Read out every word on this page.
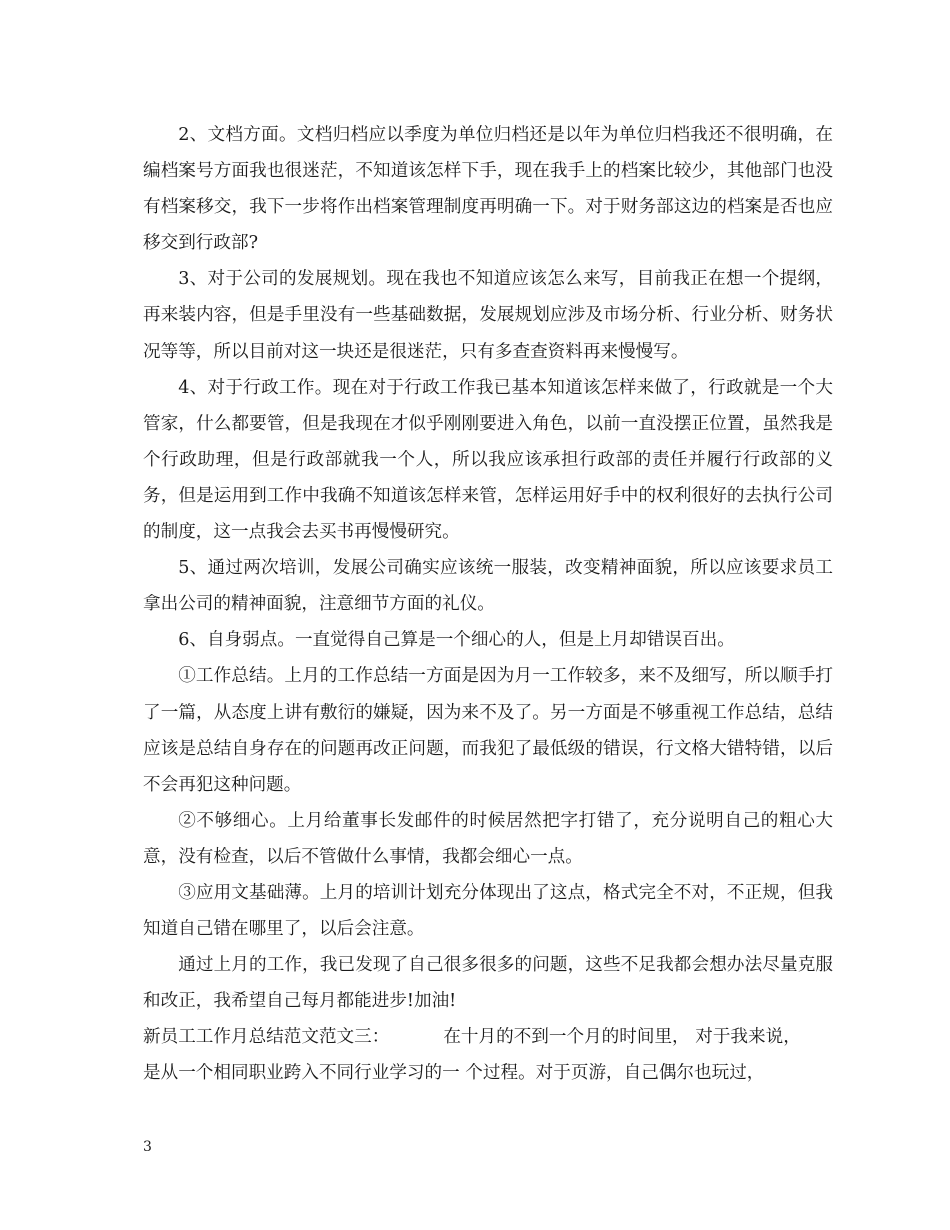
2、文档方面。文档归档应以季度为单位归档还是以年为单位归档我还不很明确，在编档案号方面我也很迷茫，不知道该怎样下手，现在我手上的档案比较少，其他部门也没有档案移交，我下一步将作出档案管理制度再明确一下。对于财务部这边的档案是否也应移交到行政部?

3、对于公司的发展规划。现在我也不知道应该怎么来写，目前我正在想一个提纲，再来装内容，但是手里没有一些基础数据，发展规划应涉及市场分析、行业分析、财务状况等等，所以目前对这一块还是很迷茫，只有多查查资料再来慢慢写。

4、对于行政工作。现在对于行政工作我已基本知道该怎样来做了，行政就是一个大管家，什么都要管，但是我现在才似乎刚刚要进入角色，以前一直没摆正位置，虽然我是个行政助理，但是行政部就我一个人，所以我应该承担行政部的责任并履行行政部的义务，但是运用到工作中我确不知道该怎样来管，怎样运用好手中的权利很好的去执行公司的制度，这一点我会去买书再慢慢研究。

5、通过两次培训，发展公司确实应该统一服装，改变精神面貌，所以应该要求员工拿出公司的精神面貌，注意细节方面的礼仪。

6、自身弱点。一直觉得自己算是一个细心的人，但是上月却错误百出。

①工作总结。上月的工作总结一方面是因为月一工作较多，来不及细写，所以顺手打了一篇，从态度上讲有敷衍的嫌疑，因为来不及了。另一方面是不够重视工作总结，总结应该是总结自身存在的问题再改正问题，而我犯了最低级的错误，行文格大错特错，以后不会再犯这种问题。

②不够细心。上月给董事长发邮件的时候居然把字打错了，充分说明自己的粗心大意，没有检查，以后不管做什么事情，我都会细心一点。

③应用文基础薄。上月的培训计划充分体现出了这点，格式完全不对，不正规，但我知道自己错在哪里了，以后会注意。

通过上月的工作，我已发现了自己很多很多的问题，这些不足我都会想办法尽量克服和改正，我希望自己每月都能进步!加油!

新员工工作月总结范文范文三：	在十月的不到一个月的时间里， 对于我来说，
是从一个相同职业跨入不同行业学习的一 个过程。对于页游，自己偶尔也玩过，

3
